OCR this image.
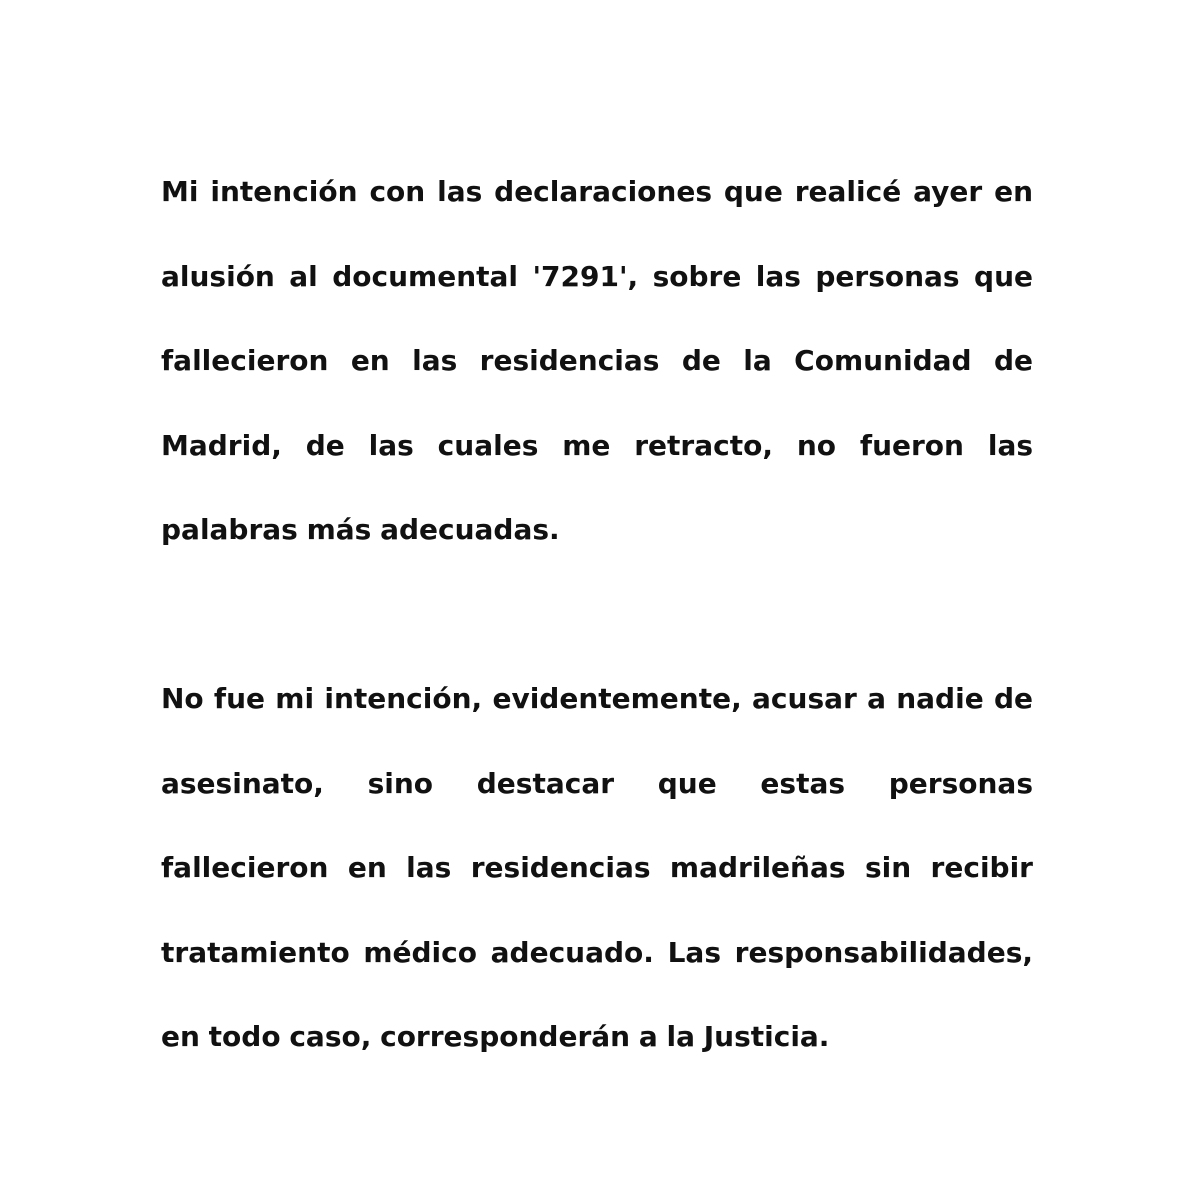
Mi intención con las declaraciones que realicé ayer en alusión al documental '7291', sobre las personas que fallecieron en las residencias de la Comunidad de Madrid, de las cuales me retracto, no fueron las palabras más adecuadas.

No fue mi intención, evidentemente, acusar a nadie de asesinato, sino destacar que estas personas fallecieron en las residencias madrileñas sin recibir tratamiento médico adecuado. Las responsabilidades, en todo caso, corresponderán a la Justicia.
